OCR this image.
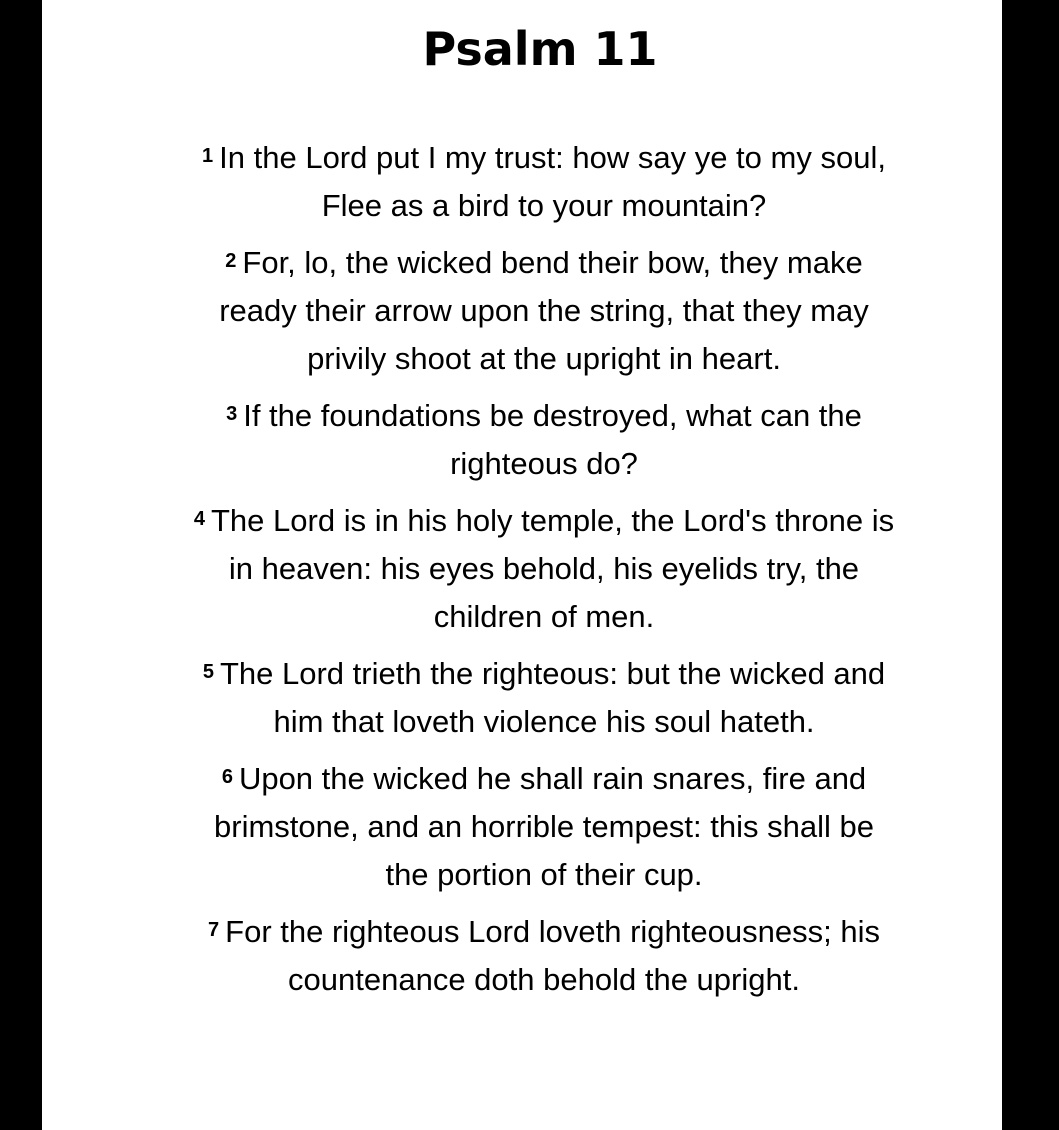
Psalm 11

$^1$ In the Lord put I my trust: how say ye to my soul, Flee as a bird to your mountain?

$^2$ For, lo, the wicked bend their bow, they make ready their arrow upon the string, that they may privily shoot at the upright in heart.

$^3$ If the foundations be destroyed, what can the righteous do?

$^4$ The Lord is in his holy temple, the Lord's throne is in heaven: his eyes behold, his eyelids try, the children of men.

$^5$ The Lord trieth the righteous: but the wicked and him that loveth violence his soul hateth.

$^6$ Upon the wicked he shall rain snares, fire and brimstone, and an horrible tempest: this shall be the portion of their cup.

$^7$ For the righteous Lord loveth righteousness; his countenance doth behold the upright.
